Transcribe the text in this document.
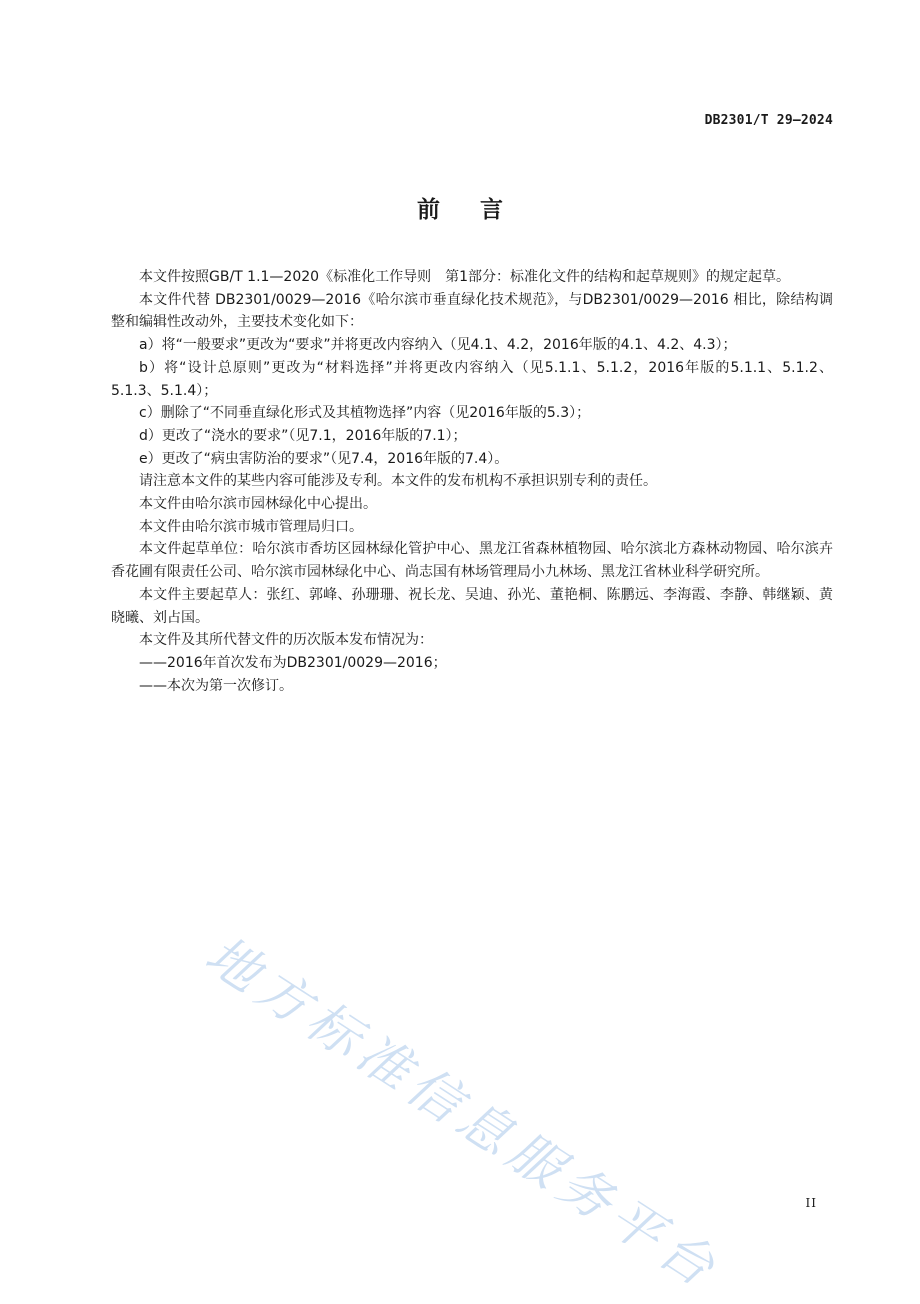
DB2301/T 29—2024
前言

本文件按照GB/T 1.1—2020《标准化工作导则　第1部分：标准化文件的结构和起草规则》的规定起草。

本文件代替 DB2301/0029—2016《哈尔滨市垂直绿化技术规范》，与DB2301/0029—2016 相比，除结构调整和编辑性改动外，主要技术变化如下：

a）将“一般要求”更改为“要求”并将更改内容纳入（见4.1、4.2，2016年版的4.1、4.2、4.3）；

b）将“设计总原则”更改为“材料选择”并将更改内容纳入（见5.1.1、5.1.2，2016年版的5.1.1、5.1.2、5.1.3、5.1.4）；

c）删除了“不同垂直绿化形式及其植物选择”内容（见2016年版的5.3）；

d）更改了“浇水的要求”（见7.1，2016年版的7.1）；

e）更改了“病虫害防治的要求”（见7.4，2016年版的7.4）。

请注意本文件的某些内容可能涉及专利。本文件的发布机构不承担识别专利的责任。

本文件由哈尔滨市园林绿化中心提出。

本文件由哈尔滨市城市管理局归口。

本文件起草单位：哈尔滨市香坊区园林绿化管护中心、黑龙江省森林植物园、哈尔滨北方森林动物园、哈尔滨卉香花圃有限责任公司、哈尔滨市园林绿化中心、尚志国有林场管理局小九林场、黑龙江省林业科学研究所。

本文件主要起草人：张红、郭峰、孙珊珊、祝长龙、吴迪、孙光、董艳桐、陈鹏远、李海霞、李静、韩继颖、黄晓曦、刘占国。

本文件及其所代替文件的历次版本发布情况为：

——2016年首次发布为DB2301/0029—2016；

——本次为第一次修订。

地方标准信息服务平台	II
